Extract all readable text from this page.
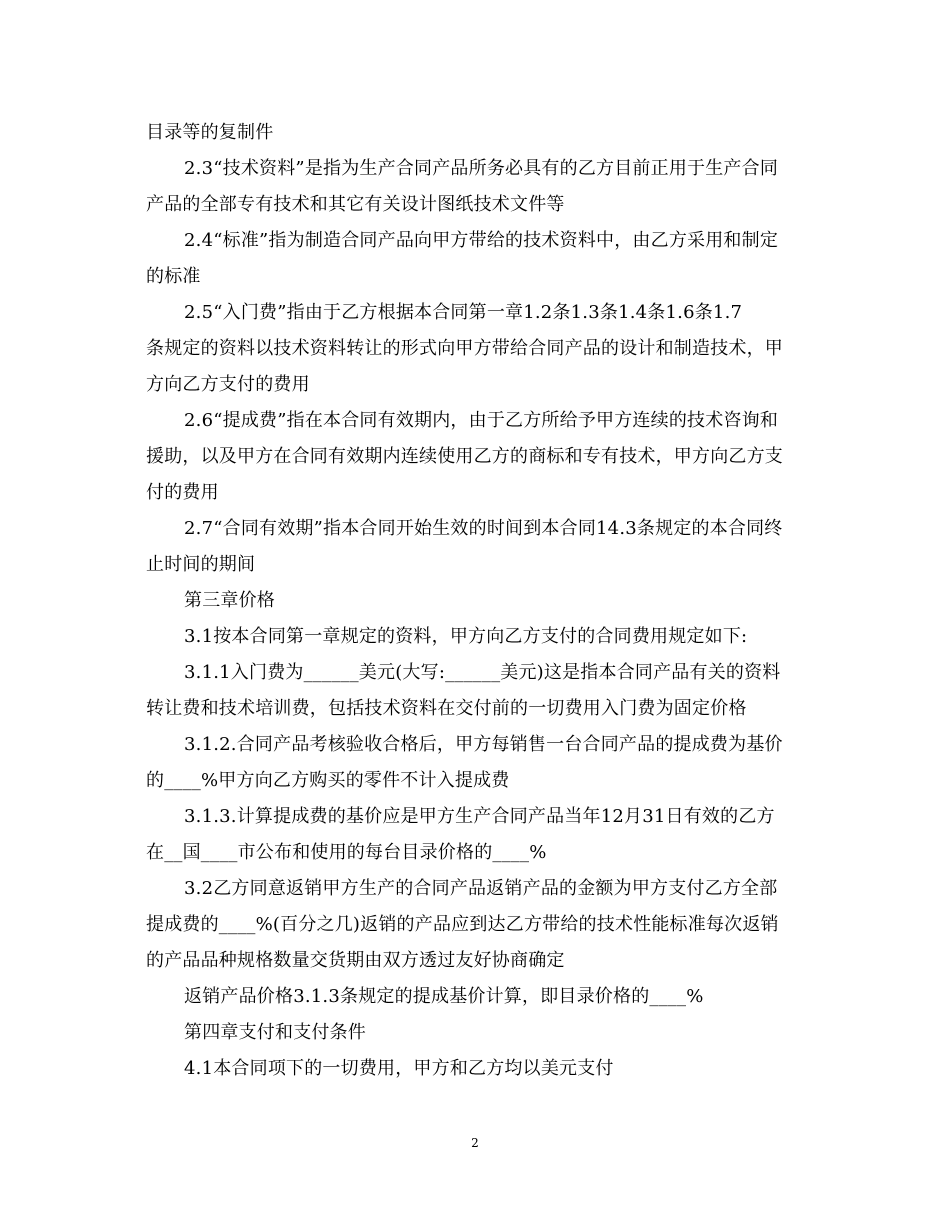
目录等的复制件
2.3“技术资料”是指为生产合同产品所务必具有的乙方目前正用于生产合同
产品的全部专有技术和其它有关设计图纸技术文件等
2.4“标准”指为制造合同产品向甲方带给的技术资料中，由乙方采用和制定
的标准
2.5“入门费”指由于乙方根据本合同第一章1.2条1.3条1.4条1.6条1.7
条规定的资料以技术资料转让的形式向甲方带给合同产品的设计和制造技术，甲
方向乙方支付的费用
2.6“提成费”指在本合同有效期内，由于乙方所给予甲方连续的技术咨询和
援助，以及甲方在合同有效期内连续使用乙方的商标和专有技术，甲方向乙方支
付的费用
2.7“合同有效期”指本合同开始生效的时间到本合同14.3条规定的本合同终
止时间的期间
第三章价格
3.1按本合同第一章规定的资料，甲方向乙方支付的合同费用规定如下:
3.1.1入门费为______美元(大写:______美元)这是指本合同产品有关的资料
转让费和技术培训费，包括技术资料在交付前的一切费用入门费为固定价格
3.1.2.合同产品考核验收合格后，甲方每销售一台合同产品的提成费为基价
的____%甲方向乙方购买的零件不计入提成费
3.1.3.计算提成费的基价应是甲方生产合同产品当年12月31日有效的乙方
在__国____市公布和使用的每台目录价格的____%
3.2乙方同意返销甲方生产的合同产品返销产品的金额为甲方支付乙方全部
提成费的____%(百分之几)返销的产品应到达乙方带给的技术性能标准每次返销
的产品品种规格数量交货期由双方透过友好协商确定
返销产品价格3.1.3条规定的提成基价计算，即目录价格的____%
第四章支付和支付条件
4.1本合同项下的一切费用，甲方和乙方均以美元支付
2
